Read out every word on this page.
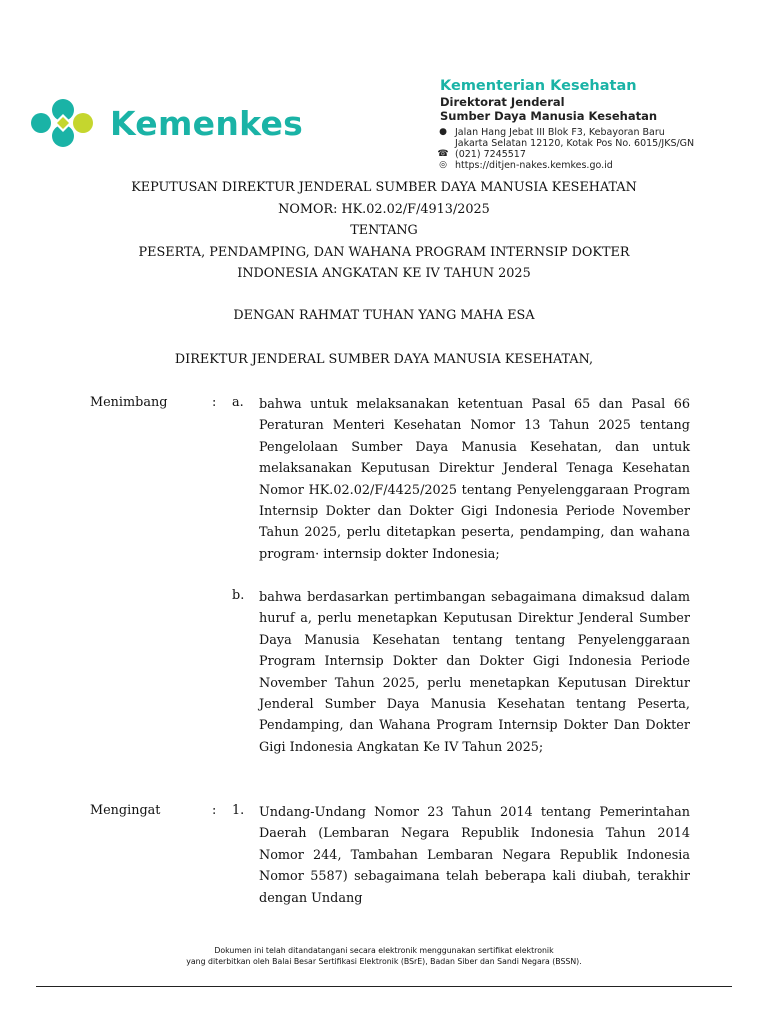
Kemenkes
Kementerian Kesehatan
Direktorat Jenderal
Sumber Daya Manusia Kesehatan
● Jalan Hang Jebat III Blok F3, Kebayoran Baru
Jakarta Selatan 12120, Kotak Pos No. 6015/JKS/GN
☎ (021) 7245517
◎ https://ditjen-nakes.kemkes.go.id
KEPUTUSAN DIREKTUR JENDERAL SUMBER DAYA MANUSIA KESEHATAN
NOMOR: HK.02.02/F/4913/2025
TENTANG
PESERTA, PENDAMPING, DAN WAHANA PROGRAM INTERNSIP DOKTER
INDONESIA ANGKATAN KE IV TAHUN 2025
DENGAN RAHMAT TUHAN YANG MAHA ESA
DIREKTUR JENDERAL SUMBER DAYA MANUSIA KESEHATAN,
Menimbang	: a. bahwa untuk melaksanakan ketentuan Pasal 65 dan Pasal 66 Peraturan Menteri Kesehatan Nomor 13 Tahun 2025 tentang Pengelolaan Sumber Daya Manusia Kesehatan, dan untuk melaksanakan Keputusan Direktur Jenderal Tenaga Kesehatan Nomor HK.02.02/F/4425/2025 tentang Penyelenggaraan Program Internsip Dokter dan Dokter Gigi Indonesia Periode November Tahun 2025, perlu ditetapkan peserta, pendamping, dan wahana program· internsip dokter Indonesia;
b. bahwa berdasarkan pertimbangan sebagaimana dimaksud dalam huruf a, perlu menetapkan Keputusan Direktur Jenderal Sumber Daya Manusia Kesehatan tentang tentang Penyelenggaraan Program Internsip Dokter dan Dokter Gigi Indonesia Periode November Tahun 2025, perlu menetapkan Keputusan Direktur Jenderal Sumber Daya Manusia Kesehatan tentang Peserta, Pendamping, dan Wahana Program Internsip Dokter Dan Dokter Gigi Indonesia Angkatan Ke IV Tahun 2025;
Mengingat	: 1. Undang-Undang Nomor 23 Tahun 2014 tentang Pemerintahan Daerah (Lembaran Negara Republik Indonesia Tahun 2014 Nomor 244, Tambahan Lembaran Negara Republik Indonesia Nomor 5587) sebagaimana telah beberapa kali diubah, terakhir dengan Undang
Dokumen ini telah ditandatangani secara elektronik menggunakan sertifikat elektronik
yang diterbitkan oleh Balai Besar Sertifikasi Elektronik (BSrE), Badan Siber dan Sandi Negara (BSSN).
